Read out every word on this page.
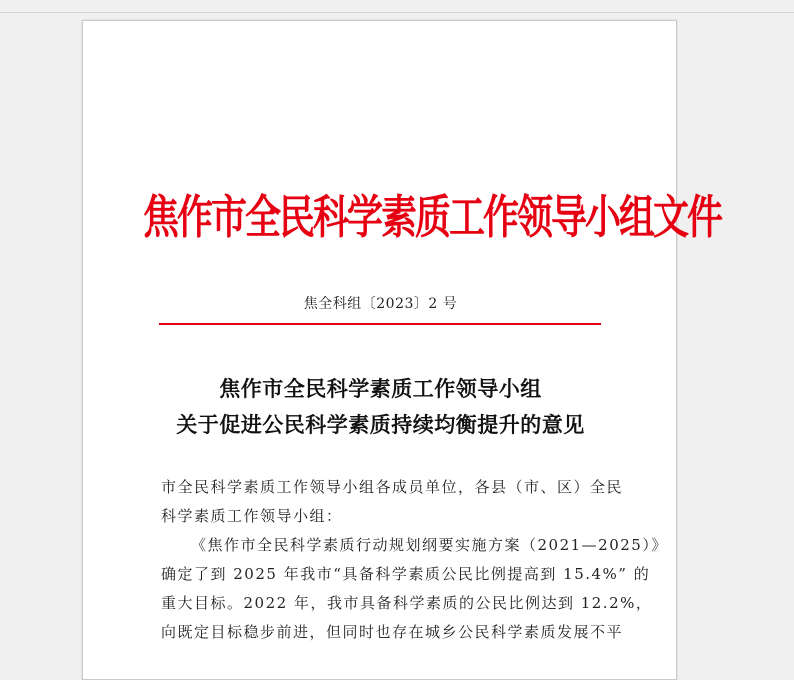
焦作市全民科学素质工作领导小组文件
焦全科组〔2023〕2 号
焦作市全民科学素质工作领导小组
关于促进公民科学素质持续均衡提升的意见

市全民科学素质工作领导小组各成员单位，各县（市、区）全民
科学素质工作领导小组：

《焦作市全民科学素质行动规划纲要实施方案（2021—2025）》
确定了到 2025 年我市“具备科学素质公民比例提高到 15.4%” 的
重大目标。2022 年，我市具备科学素质的公民比例达到 12.2%，
向既定目标稳步前进，但同时也存在城乡公民科学素质发展不平
